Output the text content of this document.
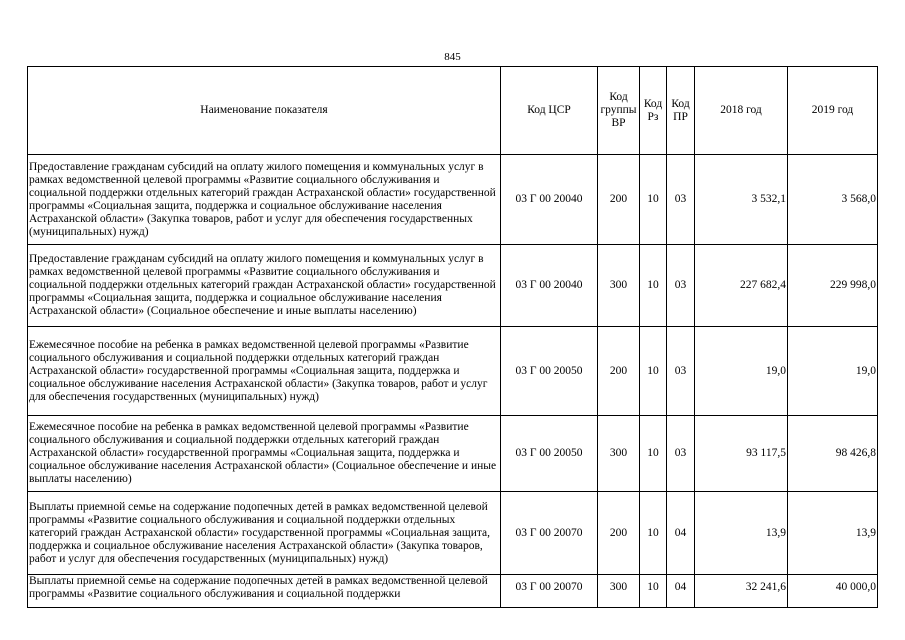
845
Наименование показателя	Код ЦСР	Код группы ВР	Код Рз	Код ПР	2018 год	2019 год
Предоставление гражданам субсидий на оплату жилого помещения и коммунальных услуг в рамках ведомственной целевой программы «Развитие социального обслуживания и социальной поддержки отдельных категорий граждан Астраханской области» государственной программы «Социальная защита, поддержка и социальное обслуживание населения Астраханской области» (Закупка товаров, работ и услуг для обеспечения государственных (муниципальных) нужд)	03 Г 00 20040	200	10	03	3 532,1	3 568,0
Предоставление гражданам субсидий на оплату жилого помещения и коммунальных услуг в рамках ведомственной целевой программы «Развитие социального обслуживания и социальной поддержки отдельных категорий граждан Астраханской области» государственной программы «Социальная защита, поддержка и социальное обслуживание населения Астраханской области» (Социальное обеспечение и иные выплаты населению)	03 Г 00 20040	300	10	03	227 682,4	229 998,0
Ежемесячное пособие на ребенка в рамках ведомственной целевой программы «Развитие социального обслуживания и социальной поддержки отдельных категорий граждан Астраханской области» государственной программы «Социальная защита, поддержка и социальное обслуживание населения Астраханской области» (Закупка товаров, работ и услуг для обеспечения государственных (муниципальных) нужд)	03 Г 00 20050	200	10	03	19,0	19,0
Ежемесячное пособие на ребенка в рамках ведомственной целевой программы «Развитие социального обслуживания и социальной поддержки отдельных категорий граждан Астраханской области» государственной программы «Социальная защита, поддержка и социальное обслуживание населения Астраханской области» (Социальное обеспечение и иные выплаты населению)	03 Г 00 20050	300	10	03	93 117,5	98 426,8
Выплаты приемной семье на содержание подопечных детей в рамках ведомственной целевой программы «Развитие социального обслуживания и социальной поддержки отдельных категорий граждан Астраханской области» государственной программы «Социальная защита, поддержка и социальное обслуживание населения Астраханской области» (Закупка товаров, работ и услуг для обеспечения государственных (муниципальных) нужд)	03 Г 00 20070	200	10	04	13,9	13,9
Выплаты приемной семье на содержание подопечных детей в рамках ведомственной целевой программы «Развитие социального обслуживания и социальной поддержки	03 Г 00 20070	300	10	04	32 241,6	40 000,0
